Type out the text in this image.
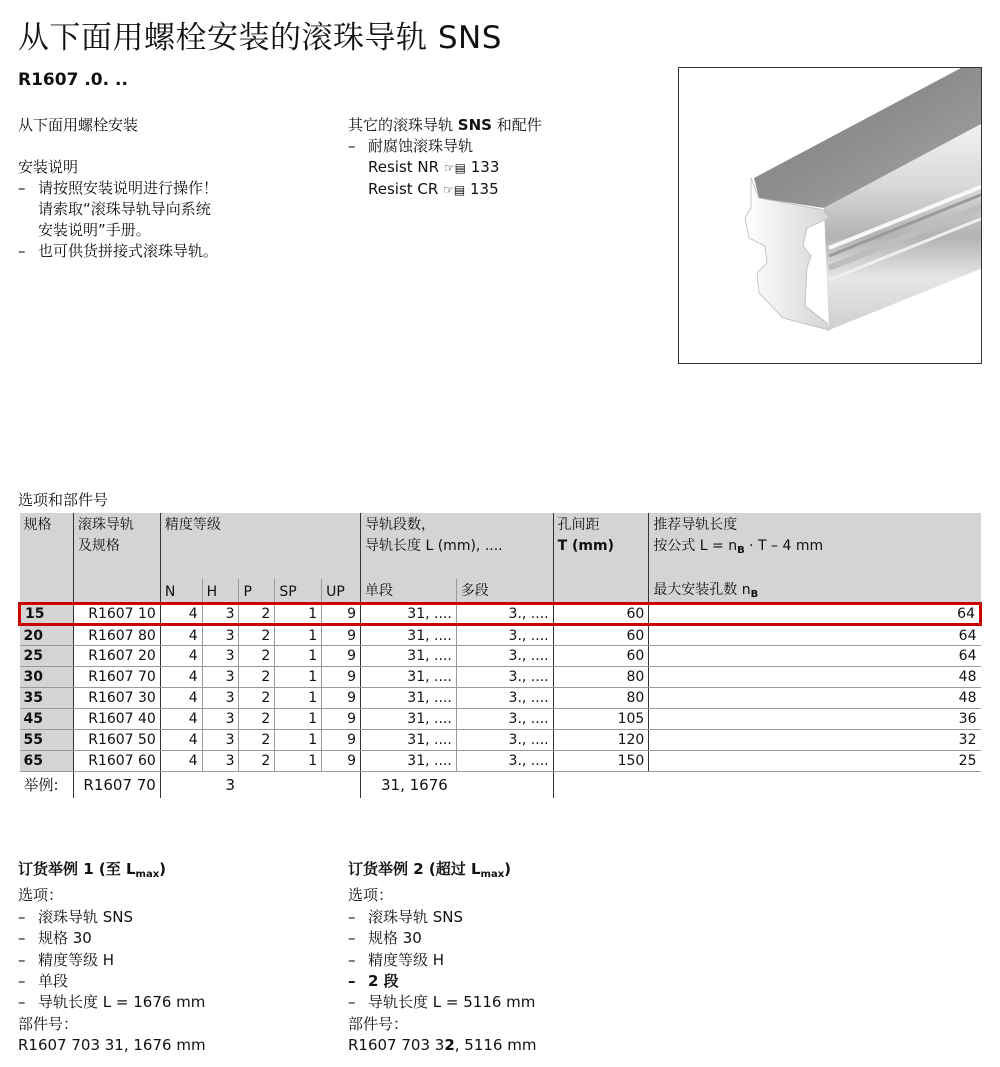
从下面用螺栓安装的滚珠导轨 SNS
R1607 .0. ..
从下面用螺栓安装
安装说明
– 请按照安装说明进行操作！
请索取“滚珠导轨导向系统
安装说明”手册。
– 也可供货拼接式滚珠导轨。
其它的滚珠导轨 SNS 和配件
– 耐腐蚀滚珠导轨
Resist NR ☞▤ 133
Resist CR ☞▤ 135
选项和部件号
规格	滚珠导轨
及规格	精度等级					导轨段数，
导轨长度 L (mm), ....		孔间距
T (mm)	推荐导轨长度
按公式 $L = n_B \cdot T - 4$ mm

		N	H	P	SP	UP	单段	多段		最大安装孔数 $n_B$
15	R1607 10	4	3	2	1	9	31, ....	3., ....	60	64
20	R1607 80	4	3	2	1	9	31, ....	3., ....	60	64
25	R1607 20	4	3	2	1	9	31, ....	3., ....	60	64
30	R1607 70	4	3	2	1	9	31, ....	3., ....	80	48
35	R1607 30	4	3	2	1	9	31, ....	3., ....	80	48
45	R1607 40	4	3	2	1	9	31, ....	3., ....	105	36
55	R1607 50	4	3	2	1	9	31, ....	3., ....	120	32
65	R1607 60	4	3	2	1	9	31, ....	3., ....	150	25
举例:	R1607 70		3				31, 1676			
订货举例 1 (至 $L_{max}$)
选项：
– 滚珠导轨 SNS
– 规格 30
– 精度等级 H
– 单段
– 导轨长度 L = 1676 mm
部件号：
R1607 703 31, 1676 mm
订货举例 2 (超过 $L_{max}$)
选项：
– 滚珠导轨 SNS
– 规格 30
– 精度等级 H
– 2 段
– 导轨长度 L = 5116 mm
部件号：
R1607 703 32, 5116 mm
